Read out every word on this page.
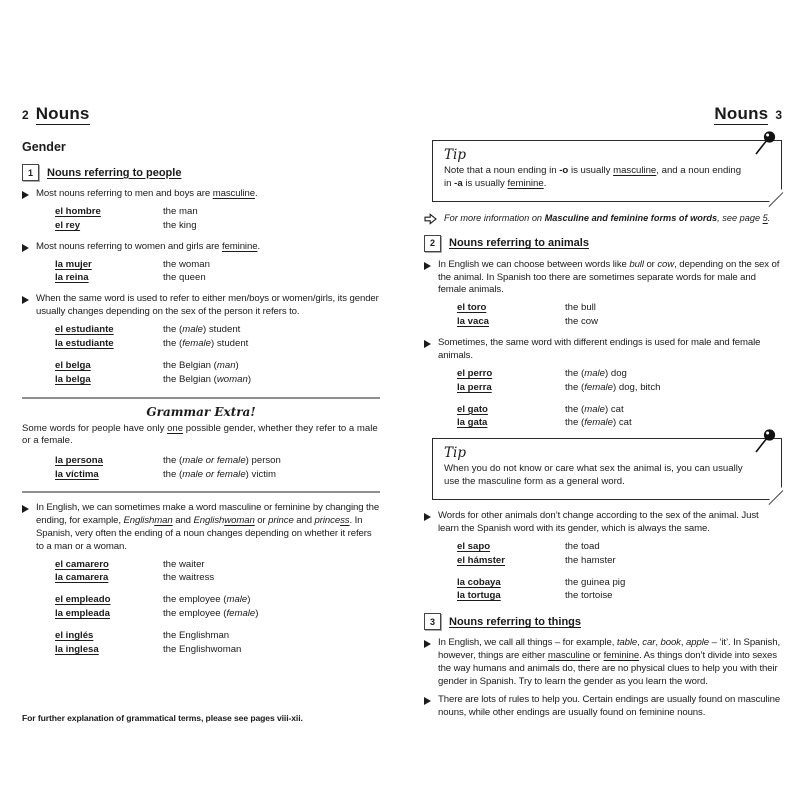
2 Nouns
Gender
1	Nouns referring to people
Most nouns referring to men and boys are masculine.
el hombre	the man
el rey	the king
Most nouns referring to women and girls are feminine.
la mujer	the woman
la reina	the queen
When the same word is used to refer to either men/boys or women/girls, its gender usually changes depending on the sex of the person it refers to.
el estudiante	the (male) student
la estudiante	the (female) student
el belga	the Belgian (man)
la belga	the Belgian (woman)
Grammar Extra!
Some words for people have only one possible gender, whether they refer to a male or a female.
la persona	the (male or female) person
la víctima	the (male or female) victim
In English, we can sometimes make a word masculine or feminine by changing the ending, for example, Englishman and Englishwoman or prince and princess. In Spanish, very often the ending of a noun changes depending on whether it refers to a man or a woman.
el camarero	the waiter
la camarera	the waitress
el empleado	the employee (male)
la empleada	the employee (female)
el inglés	the Englishman
la inglesa	the Englishwoman
For further explanation of grammatical terms, please see pages viii-xii.
Nouns 3
Tip
Note that a noun ending in -o is usually masculine, and a noun ending in -a is usually feminine.
For more information on Masculine and feminine forms of words, see page 5.
2	Nouns referring to animals
In English we can choose between words like bull or cow, depending on the sex of the animal. In Spanish too there are sometimes separate words for male and female animals.
el toro	the bull
la vaca	the cow
Sometimes, the same word with different endings is used for male and female animals.
el perro	the (male) dog
la perra	the (female) dog, bitch
el gato	the (male) cat
la gata	the (female) cat
Tip
When you do not know or care what sex the animal is, you can usually use the masculine form as a general word.
Words for other animals don’t change according to the sex of the animal. Just learn the Spanish word with its gender, which is always the same.
el sapo	the toad
el hámster	the hamster
la cobaya	the guinea pig
la tortuga	the tortoise
3	Nouns referring to things
In English, we call all things – for example, table, car, book, apple – ‘it’. In Spanish, however, things are either masculine or feminine. As things don’t divide into sexes the way humans and animals do, there are no physical clues to help you with their gender in Spanish. Try to learn the gender as you learn the word.
There are lots of rules to help you. Certain endings are usually found on masculine nouns, while other endings are usually found on feminine nouns.
